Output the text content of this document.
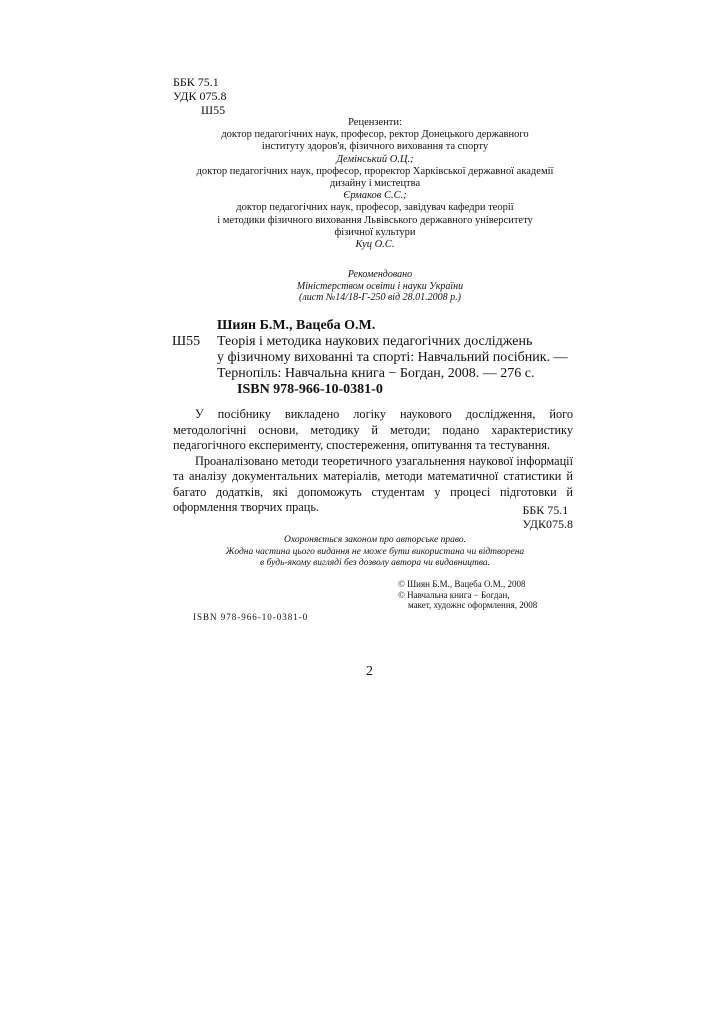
ББК 75.1
УДК 075.8
Ш55
Рецензенти:
доктор педагогічних наук, професор, ректор Донецького державного
інституту здоров'я, фізичного виховання та спорту
Демінський О.Ц.;
доктор педагогічних наук, професор, проректор Харківської державної академії
дизайну і мистецтва
Єрмаков С.С.;
доктор педагогічних наук, професор, завідувач кафедри теорії
і методики фізичного виховання Львівського державного університету
фізичної культури
Куц О.С.
Рекомендовано
Міністерством освіти і науки України
(лист №14/18-Г-250 від 28.01.2008 р.)
Шиян Б.М., Вацеба О.М.
Ш55	Теорія і методика наукових педагогічних досліджень
у фізичному вихованні та спорті: Навчальний посібник. —
Тернопіль: Навчальна книга − Богдан, 2008. — 276 с.
ISBN 978-966-10-0381-0

У посібнику викладено логіку наукового дослідження, його методологічні основи, методику й методи; подано характеристику педагогічного експерименту, спостереження, опитування та тестування.

Проаналізовано методи теоретичного узагальнення наукової інформації та аналізу документальних матеріалів, методи математичної статистики й багато додатків, які допоможуть студентам у процесі підготовки й оформлення творчих праць.	ББК 75.1
УДК075.8
Охороняється законом про авторське право.
Жодна частина цього видання не може бути використана чи відтворена
в будь-якому вигляді без дозволу автора чи видавництва.
© Шиян Б.М., Вацеба О.М., 2008
© Навчальна книга − Богдан,
макет, художнє оформлення, 2008
ISBN 978-966-10-0381-0
2
